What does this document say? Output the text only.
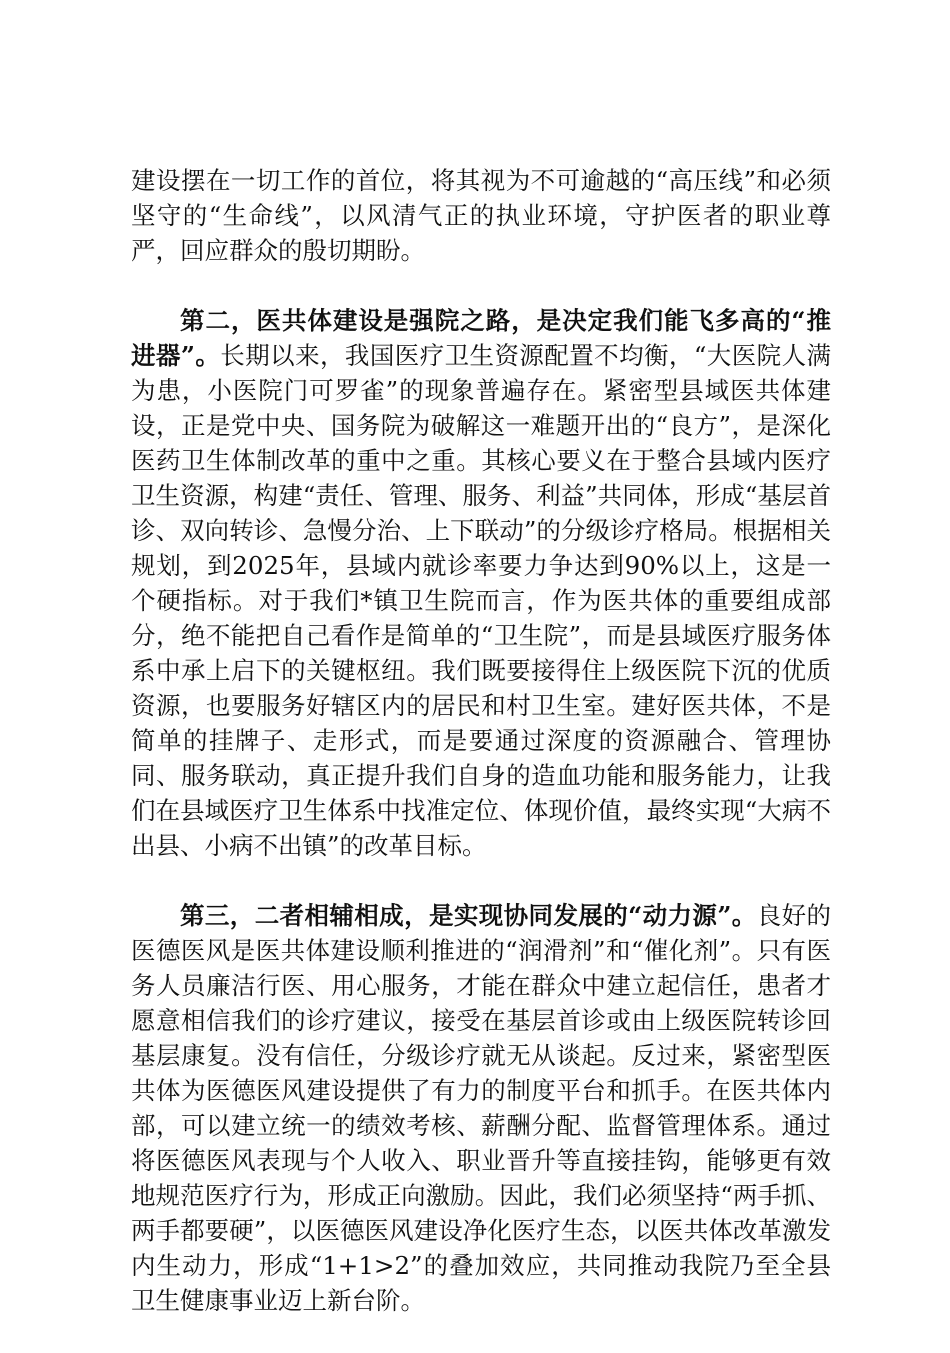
建设摆在一切工作的首位，将其视为不可逾越的“高压线”和必须坚守的“生命线”，以风清气正的执业环境，守护医者的职业尊严，回应群众的殷切期盼。

第二，医共体建设是强院之路，是决定我们能飞多高的“推进器”。长期以来，我国医疗卫生资源配置不均衡，“大医院人满为患，小医院门可罗雀”的现象普遍存在。紧密型县域医共体建设，正是党中央、国务院为破解这一难题开出的“良方”，是深化医药卫生体制改革的重中之重。其核心要义在于整合县域内医疗卫生资源，构建“责任、管理、服务、利益”共同体，形成“基层首诊、双向转诊、急慢分治、上下联动”的分级诊疗格局。根据相关规划，到2025年，县域内就诊率要力争达到90%以上，这是一个硬指标。对于我们*镇卫生院而言，作为医共体的重要组成部分，绝不能把自己看作是简单的“卫生院”，而是县域医疗服务体系中承上启下的关键枢纽。我们既要接得住上级医院下沉的优质资源，也要服务好辖区内的居民和村卫生室。建好医共体，不是简单的挂牌子、走形式，而是要通过深度的资源融合、管理协同、服务联动，真正提升我们自身的造血功能和服务能力，让我们在县域医疗卫生体系中找准定位、体现价值，最终实现“大病不出县、小病不出镇”的改革目标。

第三，二者相辅相成，是实现协同发展的“动力源”。良好的医德医风是医共体建设顺利推进的“润滑剂”和“催化剂”。只有医务人员廉洁行医、用心服务，才能在群众中建立起信任，患者才愿意相信我们的诊疗建议，接受在基层首诊或由上级医院转诊回基层康复。没有信任，分级诊疗就无从谈起。反过来，紧密型医共体为医德医风建设提供了有力的制度平台和抓手。在医共体内部，可以建立统一的绩效考核、薪酬分配、监督管理体系。通过将医德医风表现与个人收入、职业晋升等直接挂钩，能够更有效地规范医疗行为，形成正向激励。因此，我们必须坚持“两手抓、两手都要硬”，以医德医风建设净化医疗生态，以医共体改革激发内生动力，形成“1+1>2”的叠加效应，共同推动我院乃至全县卫生健康事业迈上新台阶。
